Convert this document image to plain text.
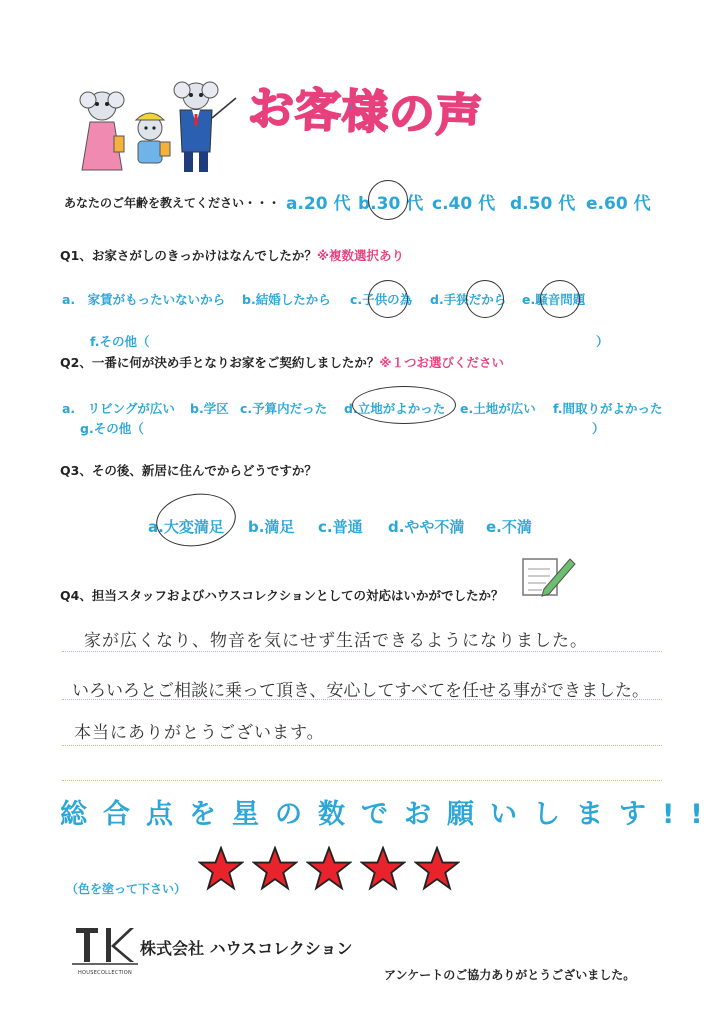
お客様の声
あなたのご年齢を教えてください・・・ a.20 代 b.30 代 c.40 代 d.50 代 e.60 代
Q1、お家さがしのきっかけはなんでしたか？※複数選択あり
a.　家賃がもったいないから b.結婚したから c.子供の為 d.手狭だから e.騒音問題
f.その他（	）
Q2、一番に何が決め手となりお家をご契約しましたか？※１つお選びください
a.　リビングが広い b.学区 c.予算内だった d.立地がよかった e.土地が広い f.間取りがよかった
g.その他（	）
Q3、その後、新居に住んでからどうですか？
a.大変満足 b.満足 c.普通 d.やや不満 e.不満
Q4、担当スタッフおよびハウスコレクションとしての対応はいかがでしたか？
家が広くなり、物音を気にせず生活できるようになりました。
いろいろとご相談に乗って頂き、安心してすべてを任せる事ができました。
本当にありがとうございます。
総合点を星の数でお願いします!!
（色を塗って下さい）
HOUSECOLLECTION
株式会社 ハウスコレクション
アンケートのご協力ありがとうございました。
